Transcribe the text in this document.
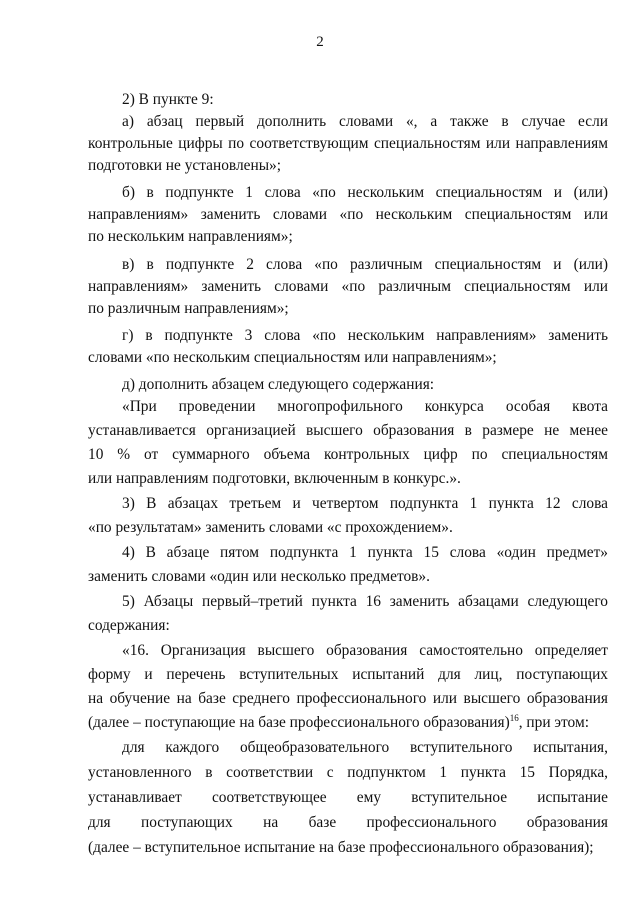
2
2) В пункте 9:
а) абзац первый дополнить словами «, а также в случае если
контрольные цифры по соответствующим специальностям или направлениям
подготовки не установлены»;
б) в подпункте 1 слова «по нескольким специальностям и (или)
направлениям» заменить словами «по нескольким специальностям или
по нескольким направлениям»;
в) в подпункте 2 слова «по различным специальностям и (или)
направлениям» заменить словами «по различным специальностям или
по различным направлениям»;
г) в подпункте 3 слова «по нескольким направлениям» заменить
словами «по нескольким специальностям или направлениям»;
д) дополнить абзацем следующего содержания:
«При проведении многопрофильного конкурса особая квота
устанавливается организацией высшего образования в размере не менее
10 % от суммарного объема контрольных цифр по специальностям
или направлениям подготовки, включенным в конкурс.».
3) В абзацах третьем и четвертом подпункта 1 пункта 12 слова
«по результатам» заменить словами «с прохождением».
4) В абзаце пятом подпункта 1 пункта 15 слова «один предмет»
заменить словами «один или несколько предметов».
5) Абзацы первый–третий пункта 16 заменить абзацами следующего
содержания:
«16. Организация высшего образования самостоятельно определяет
форму и перечень вступительных испытаний для лиц, поступающих
на обучение на базе среднего профессионального или высшего образования
(далее – поступающие на базе профессионального образования)$^{16}$, при этом:
для каждого общеобразовательного вступительного испытания,
установленного в соответствии с подпунктом 1 пункта 15 Порядка,
устанавливает соответствующее ему вступительное испытание
для поступающих на базе профессионального образования
(далее – вступительное испытание на базе профессионального образования);
